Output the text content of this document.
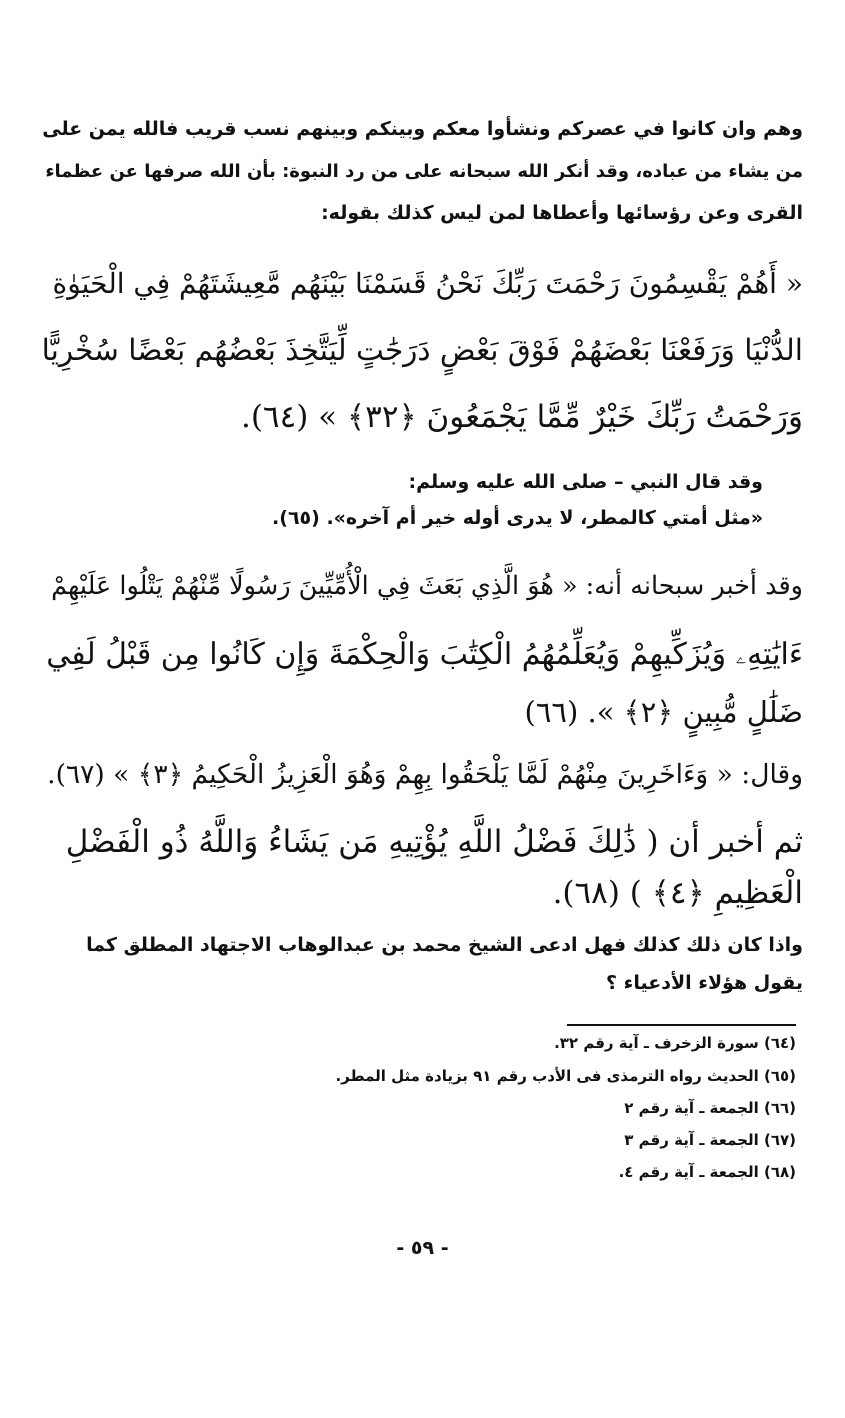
وهم وان كانوا في عصركم ونشأوا معكم وبينكم وبينهم نسب قريب فالله يمن على
من يشاء من عباده، وقد أنكر الله سبحانه على من رد النبوة: بأن الله صرفها عن عظماء
القرى وعن رؤسائها وأعطاها لمن ليس كذلك بقوله:
« أَهُمْ يَقْسِمُونَ رَحْمَتَ رَبِّكَ نَحْنُ قَسَمْنَا بَيْنَهُم مَّعِيشَتَهُمْ فِي الْحَيَوٰةِ
الدُّنْيَا وَرَفَعْنَا بَعْضَهُمْ فَوْقَ بَعْضٍ دَرَجَٰتٍ لِّيَتَّخِذَ بَعْضُهُم بَعْضًا سُخْرِيًّا
وَرَحْمَتُ رَبِّكَ خَيْرٌ مِّمَّا يَجْمَعُونَ ﴿٣٢﴾ » (٦٤).
وقد قال النبي – صلى الله عليه وسلم:
«مثل أمتي كالمطر، لا يدرى أوله خير أم آخره». (٦٥).
وقد أخبر سبحانه أنه: « هُوَ الَّذِي بَعَثَ فِي الْأُمِّيِّينَ رَسُولًا مِّنْهُمْ يَتْلُوا عَلَيْهِمْ
ءَايَٰتِهِۦ وَيُزَكِّيهِمْ وَيُعَلِّمُهُمُ الْكِتَٰبَ وَالْحِكْمَةَ وَإِن كَانُوا مِن قَبْلُ لَفِي
ضَلَٰلٍ مُّبِينٍ ﴿٢﴾ ». (٦٦)
وقال: « وَءَاخَرِينَ مِنْهُمْ لَمَّا يَلْحَقُوا بِهِمْ وَهُوَ الْعَزِيزُ الْحَكِيمُ ﴿٣﴾ » (٦٧).
ثم أخبر أن ( ذَٰلِكَ فَضْلُ اللَّهِ يُؤْتِيهِ مَن يَشَاءُ وَاللَّهُ ذُو الْفَضْلِ
الْعَظِيمِ ﴿٤﴾ ) (٦٨).
واذا كان ذلك كذلك فهل ادعى الشيخ محمد بن عبدالوهاب الاجتهاد المطلق كما
يقول هؤلاء الأدعياء ؟
(٦٤) سورة الزخرف ـ آية رقم ٣٢.
(٦٥) الحديث رواه الترمذى فى الأدب رقم ٩١ بزيادة مثل المطر.
(٦٦) الجمعة ـ آية رقم ٢
(٦٧) الجمعة ـ آية رقم ٣
(٦٨) الجمعة ـ آية رقم ٤.
- ٥٩ -
